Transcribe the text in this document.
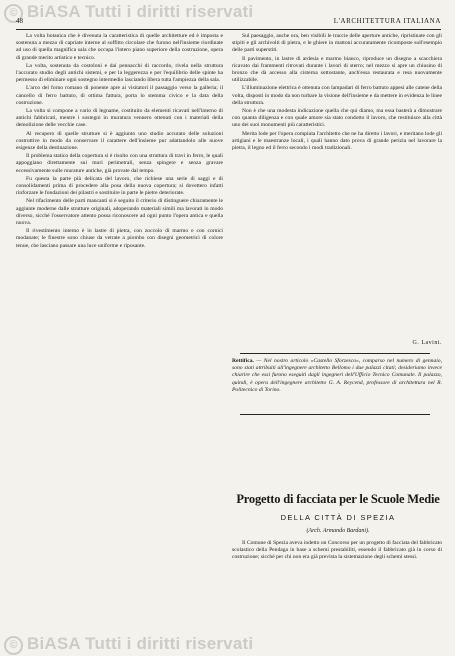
© BiASA Tutti i diritti riservati
48	L'ARCHITETTURA ITALIANA

La volta botanica che è divenuta la caratteristica di quelle architetture ed è imposta e sostenuta a mezzo di capriate interne al soffitto circolare che furono nell'insieme riordinate ad uso di quella magnifica sala che occupa l'intero piano superiore della costruzione, opera di grande merito artistico e tecnico.

La volta, sostenuta da costoloni e dai pennacchi di raccordo, rivela nella struttura l'accurato studio degli antichi sistemi, e per la leggerezza e per l'equilibrio delle spinte ha permesso di eliminare ogni sostegno intermedio lasciando libera tutta l'ampiezza della sala.

L'arco del forno romano di ponente apre ai visitatori il passaggio verso la galleria; il cancello di ferro battuto, di ottima fattura, porta lo stemma civico e la data della costruzione.

La volta si compone a vario di legname, costituito da elementi ricavati nell'interno di antichi fabbricati, mentre i sostegni in muratura vennero ottenuti con i materiali della demolizione delle vecchie case.

Al recupero di quelle strutture si è aggiunto uno studio accurato delle soluzioni costruttive in modo da conservare il carattere dell'insieme pur adattandolo alle nuove esigenze della destinazione.

Il problema statico della copertura si è risolto con una struttura di travi in ferro, le quali appoggiano direttamente sui muri perimetrali, senza spingere e senza gravare eccessivamente sulle murature antiche, già provate dal tempo.

Fu questa la parte più delicata del lavoro, che richiese una serie di saggi e di consolidamenti prima di procedere alla posa della nuova copertura; si dovettero infatti rinforzare le fondazioni dei pilastri e sostituire in parte le pietre deteriorate.

Nel rifacimento delle parti mancanti si è seguito il criterio di distinguere chiaramente le aggiunte moderne dalle strutture originali, adoperando materiali simili ma lavorati in modo diverso, sicché l'osservatore attento possa riconoscere ad ogni punto l'opera antica e quella nuova.

Il rivestimento interno è in lastre di pietra, con zoccolo di marmo e con cornici modanate; le finestre sono chiuse da vetrate a piombo con disegni geometrici di colore tenue, che lasciano passare una luce uniforme e riposante.

Sul paesaggio, anche ora, ben visibili le traccie delle aperture antiche, ripristinate con gli stipiti e gli archivolti di pietra, e le ghiere in mattoni accuratamente ricomposte sull'esempio delle parti superstiti.

Il pavimento, in lastre di ardesia e marmo bianco, riproduce un disegno a scacchiera ricavato dai frammenti ritrovati durante i lavori di sterro; nel mezzo si apre un chiusino di bronzo che dà accesso alla cisterna sottostante, anch'essa restaurata e resa nuovamente utilizzabile.

L'illuminazione elettrica è ottenuta con lampadari di ferro battuto appesi alle catene della volta, disposti in modo da non turbare la visione dell'insieme e da mettere in evidenza le linee della struttura.

Non è che una modesta indicazione quella che qui diamo, ma essa basterà a dimostrare con quanta diligenza e con quale amore sia stato condotto il lavoro, che restituisce alla città uno dei suoi monumenti più caratteristici.

Merita lode per l'opera compiuta l'architetto che ne ha diretto i lavori, e meritano lode gli artigiani e le maestranze locali, i quali hanno dato prova di grande perizia nel lavorare la pietra, il legno ed il ferro secondo i modi tradizionali.

G. Lavini.
Rettifica. — Nel nostro articolo «Castello Sforzesco», comparso nel numero di gennaio, sono stati attribuiti all'ingegnere architetto Bellomo i due palazzi citati; desideriamo invece chiarire che essi furono eseguiti dagli ingegneri dell'Ufficio Tecnico Comunale. Il palazzo, quindi, è opera dell'ingegnere architetto G. A. Reycend, professore di architettura nel R. Politecnico di Torino.
Progetto di facciata per le Scuole Medie
DELLA CITTÀ DI SPEZIA
(Arch. Armando Bardani).

Il Comune di Spezia aveva indetto un Concorso per un progetto di facciata del fabbricato scolastico della Pendaga in base a schemi prestabiliti, essendo il fabbricato già in corso di costruzione; sicché per chi non era già prevista la sistemazione degli schemi stessi.

© BiASA Tutti i diritti riservati
